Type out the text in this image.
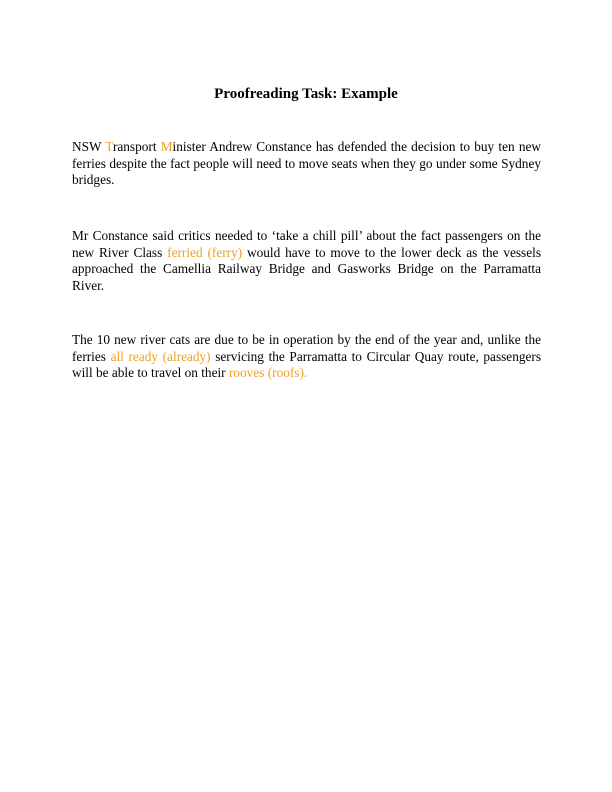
Proofreading Task: Example

NSW Transport Minister Andrew Constance has defended the decision to buy ten new ferries despite the fact people will need to move seats when they go under some Sydney bridges.

Mr Constance said critics needed to ‘take a chill pill’ about the fact passengers on the new River Class ferried (ferry) would have to move to the lower deck as the vessels approached the Camellia Railway Bridge and Gasworks Bridge on the Parramatta River.

The 10 new river cats are due to be in operation by the end of the year and, unlike the ferries all ready (already) servicing the Parramatta to Circular Quay route, passengers will be able to travel on their rooves (roofs).
